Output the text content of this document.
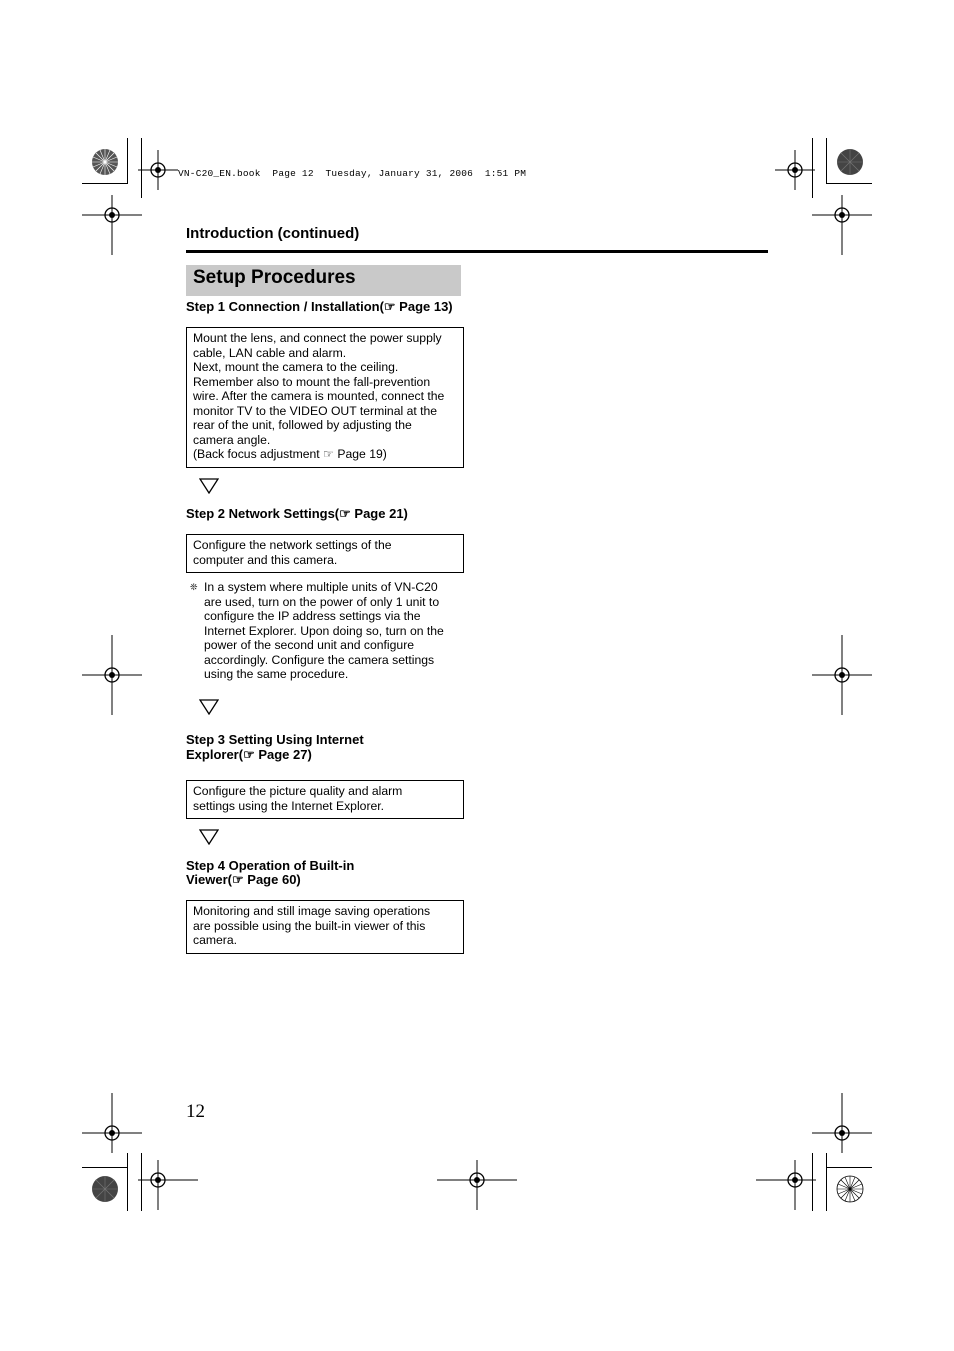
VN-C20_EN.book  Page 12  Tuesday, January 31, 2006  1:51 PM
Introduction (continued)
Setup Procedures
Step 1 Connection / Installation(☞ Page 13)
Mount the lens, and connect the power supply
cable, LAN cable and alarm.
Next, mount the camera to the ceiling.
Remember also to mount the fall-prevention
wire. After the camera is mounted, connect the
monitor TV to the VIDEO OUT terminal at the
rear of the unit, followed by adjusting the
camera angle.
(Back focus adjustment ☞ Page 19)
Step 2 Network Settings(☞ Page 21)
Configure the network settings of the
computer and this camera.
❊ In a system where multiple units of VN-C20
are used, turn on the power of only 1 unit to
configure the IP address settings via the
Internet Explorer. Upon doing so, turn on the
power of the second unit and configure
accordingly. Configure the camera settings
using the same procedure.
Step 3 Setting Using Internet
Explorer(☞ Page 27)
Configure the picture quality and alarm
settings using the Internet Explorer.
Step 4 Operation of Built-in
Viewer(☞ Page 60)
Monitoring and still image saving operations
are possible using the built-in viewer of this
camera.
12
